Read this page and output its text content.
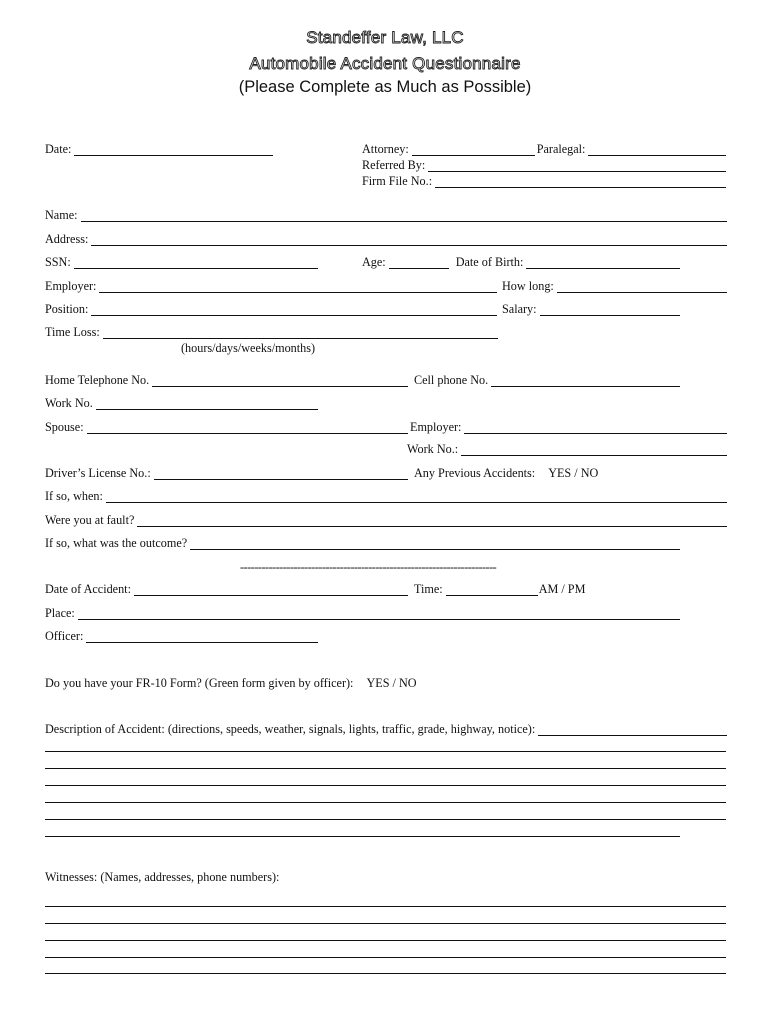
Standeffer Law, LLC
Automobile Accident Questionnaire
(Please Complete as Much as Possible)
Date:	Attorney:	Paralegal:
Referred By:
Firm File No.:
Name:
Address:
SSN:	Age:	Date of Birth:
Employer:	How long:
Position:	Salary:
Time Loss:
(hours/days/weeks/months)
Home Telephone No.	Cell phone No.
Work No.
Spouse:	Employer:
Work No.:
Driver’s License No.:	Any Previous Accidents:	YES / NO
If so, when:
Were you at fault?
If so, what was the outcome?
------------------------------------------------------------------------
Date of Accident:	Time:	AM / PM
Place:
Officer:
Do you have your FR-10 Form? (Green form given by officer):	YES / NO
Description of Accident: (directions, speeds, weather, signals, lights, traffic, grade, highway, notice):
Witnesses: (Names, addresses, phone numbers):
